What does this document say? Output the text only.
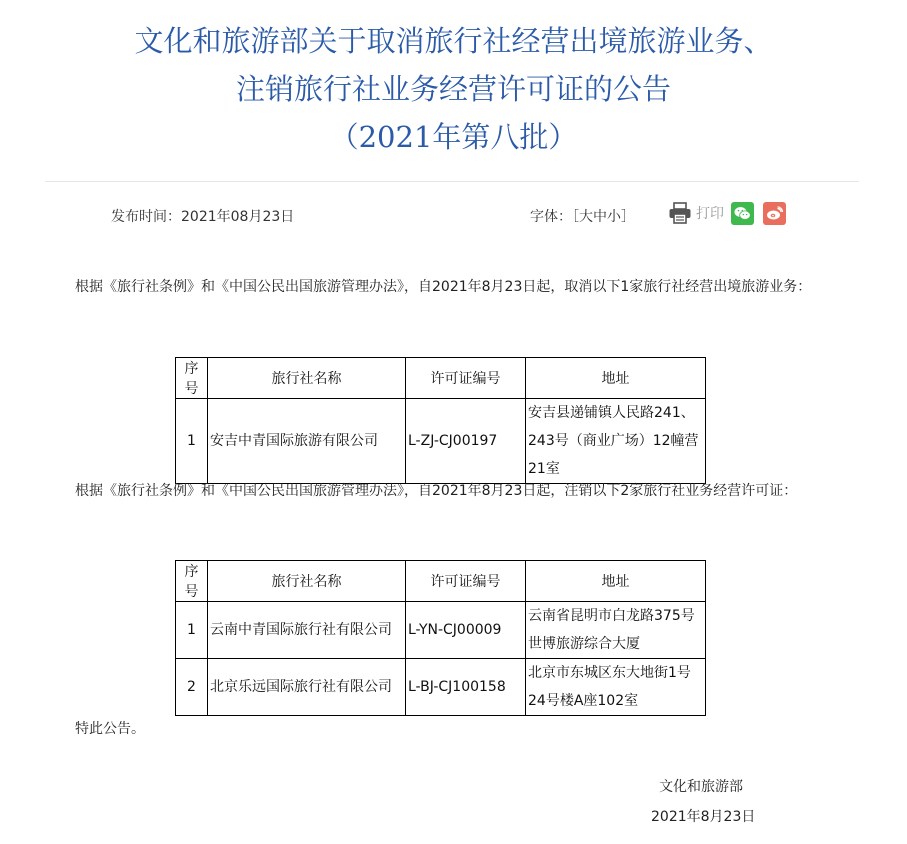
文化和旅游部关于取消旅行社经营出境旅游业务、
注销旅行社业务经营许可证的公告
（2021年第八批）
发布时间：2021年08月23日	字体：［大中小］	打印
根据《旅行社条例》和《中国公民出国旅游管理办法》，自2021年8月23日起，取消以下1家旅行社经营出境旅游业务：
序号	旅行社名称	许可证编号	地址
1	安吉中青国际旅游有限公司	L-ZJ-CJ00197	安吉县递铺镇人民路241、243号（商业广场）12幢营21室
根据《旅行社条例》和《中国公民出国旅游管理办法》，自2021年8月23日起，注销以下2家旅行社业务经营许可证：
序号	旅行社名称	许可证编号	地址
1	云南中青国际旅行社有限公司	L-YN-CJ00009	云南省昆明市白龙路375号世博旅游综合大厦
2	北京乐远国际旅行社有限公司	L-BJ-CJ100158	北京市东城区东大地街1号24号楼A座102室
特此公告。
文化和旅游部
2021年8月23日
